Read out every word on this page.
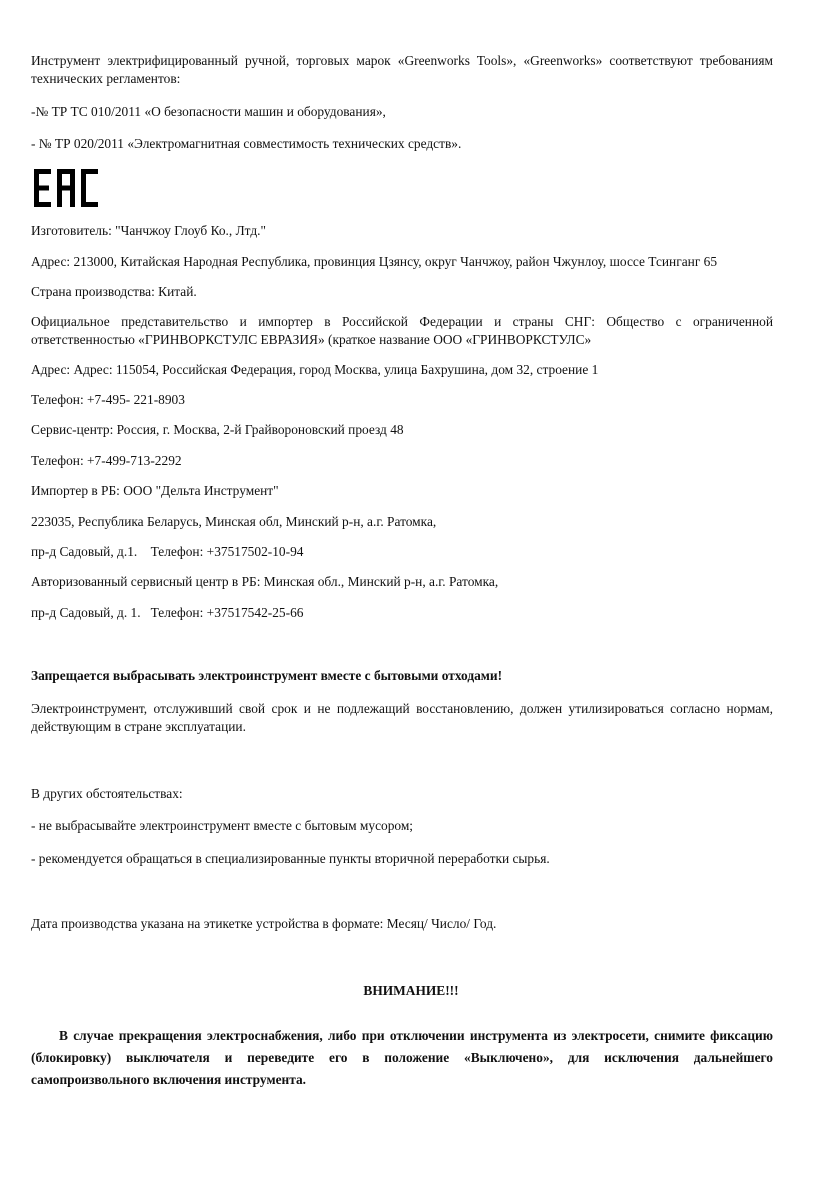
Инструмент электрифицированный ручной, торговых марок «Greenworks Tools», «Greenworks» соответствуют требованиям технических регламентов:

-№ ТР ТС 010/2011 «О безопасности машин и оборудования»,

- № ТР 020/2011 «Электромагнитная совместимость технических средств».

Изготовитель: "Чанчжоу Глоуб Ко., Лтд."

Адрес: 213000, Китайская Народная Республика, провинция Цзянсу, округ Чанчжоу, район Чжунлоу, шоссе Тсинганг 65

Страна производства: Китай.

Официальное представительство и импортер в Российской Федерации и страны СНГ: Общество с ограниченной ответственностью «ГРИНВОРКСТУЛС ЕВРАЗИЯ» (краткое название ООО «ГРИНВОРКСТУЛС»

Адрес: Адрес: 115054, Российская Федерация, город Москва, улица Бахрушина, дом 32, строение 1

Телефон: +7-495- 221-8903

Сервис-центр: Россия, г. Москва, 2-й Грайвороновский проезд 48

Телефон: +7-499-713-2292

Импортер в РБ: ООО "Дельта Инструмент"

223035, Республика Беларусь, Минская обл, Минский р-н, а.г. Ратомка,

пр-д Садовый, д.1.    Телефон: +37517502-10-94

Авторизованный сервисный центр в РБ: Минская обл., Минский р-н, а.г. Ратомка,

пр-д Садовый, д. 1.   Телефон: +37517542-25-66

Запрещается выбрасывать электроинструмент вместе с бытовыми отходами!

Электроинструмент, отслуживший свой срок и не подлежащий восстановлению, должен утилизироваться согласно нормам, действующим в стране эксплуатации.

В других обстоятельствах:

- не выбрасывайте электроинструмент вместе с бытовым мусором;

- рекомендуется обращаться в специализированные пункты вторичной переработки сырья.

Дата производства указана на этикетке устройства в формате: Месяц/ Число/ Год.

ВНИМАНИЕ!!!

В случае прекращения электроснабжения, либо при отключении инструмента из электросети, снимите фиксацию (блокировку) выключателя и переведите его в положение «Выключено», для исключения дальнейшего самопроизвольного включения инструмента.
